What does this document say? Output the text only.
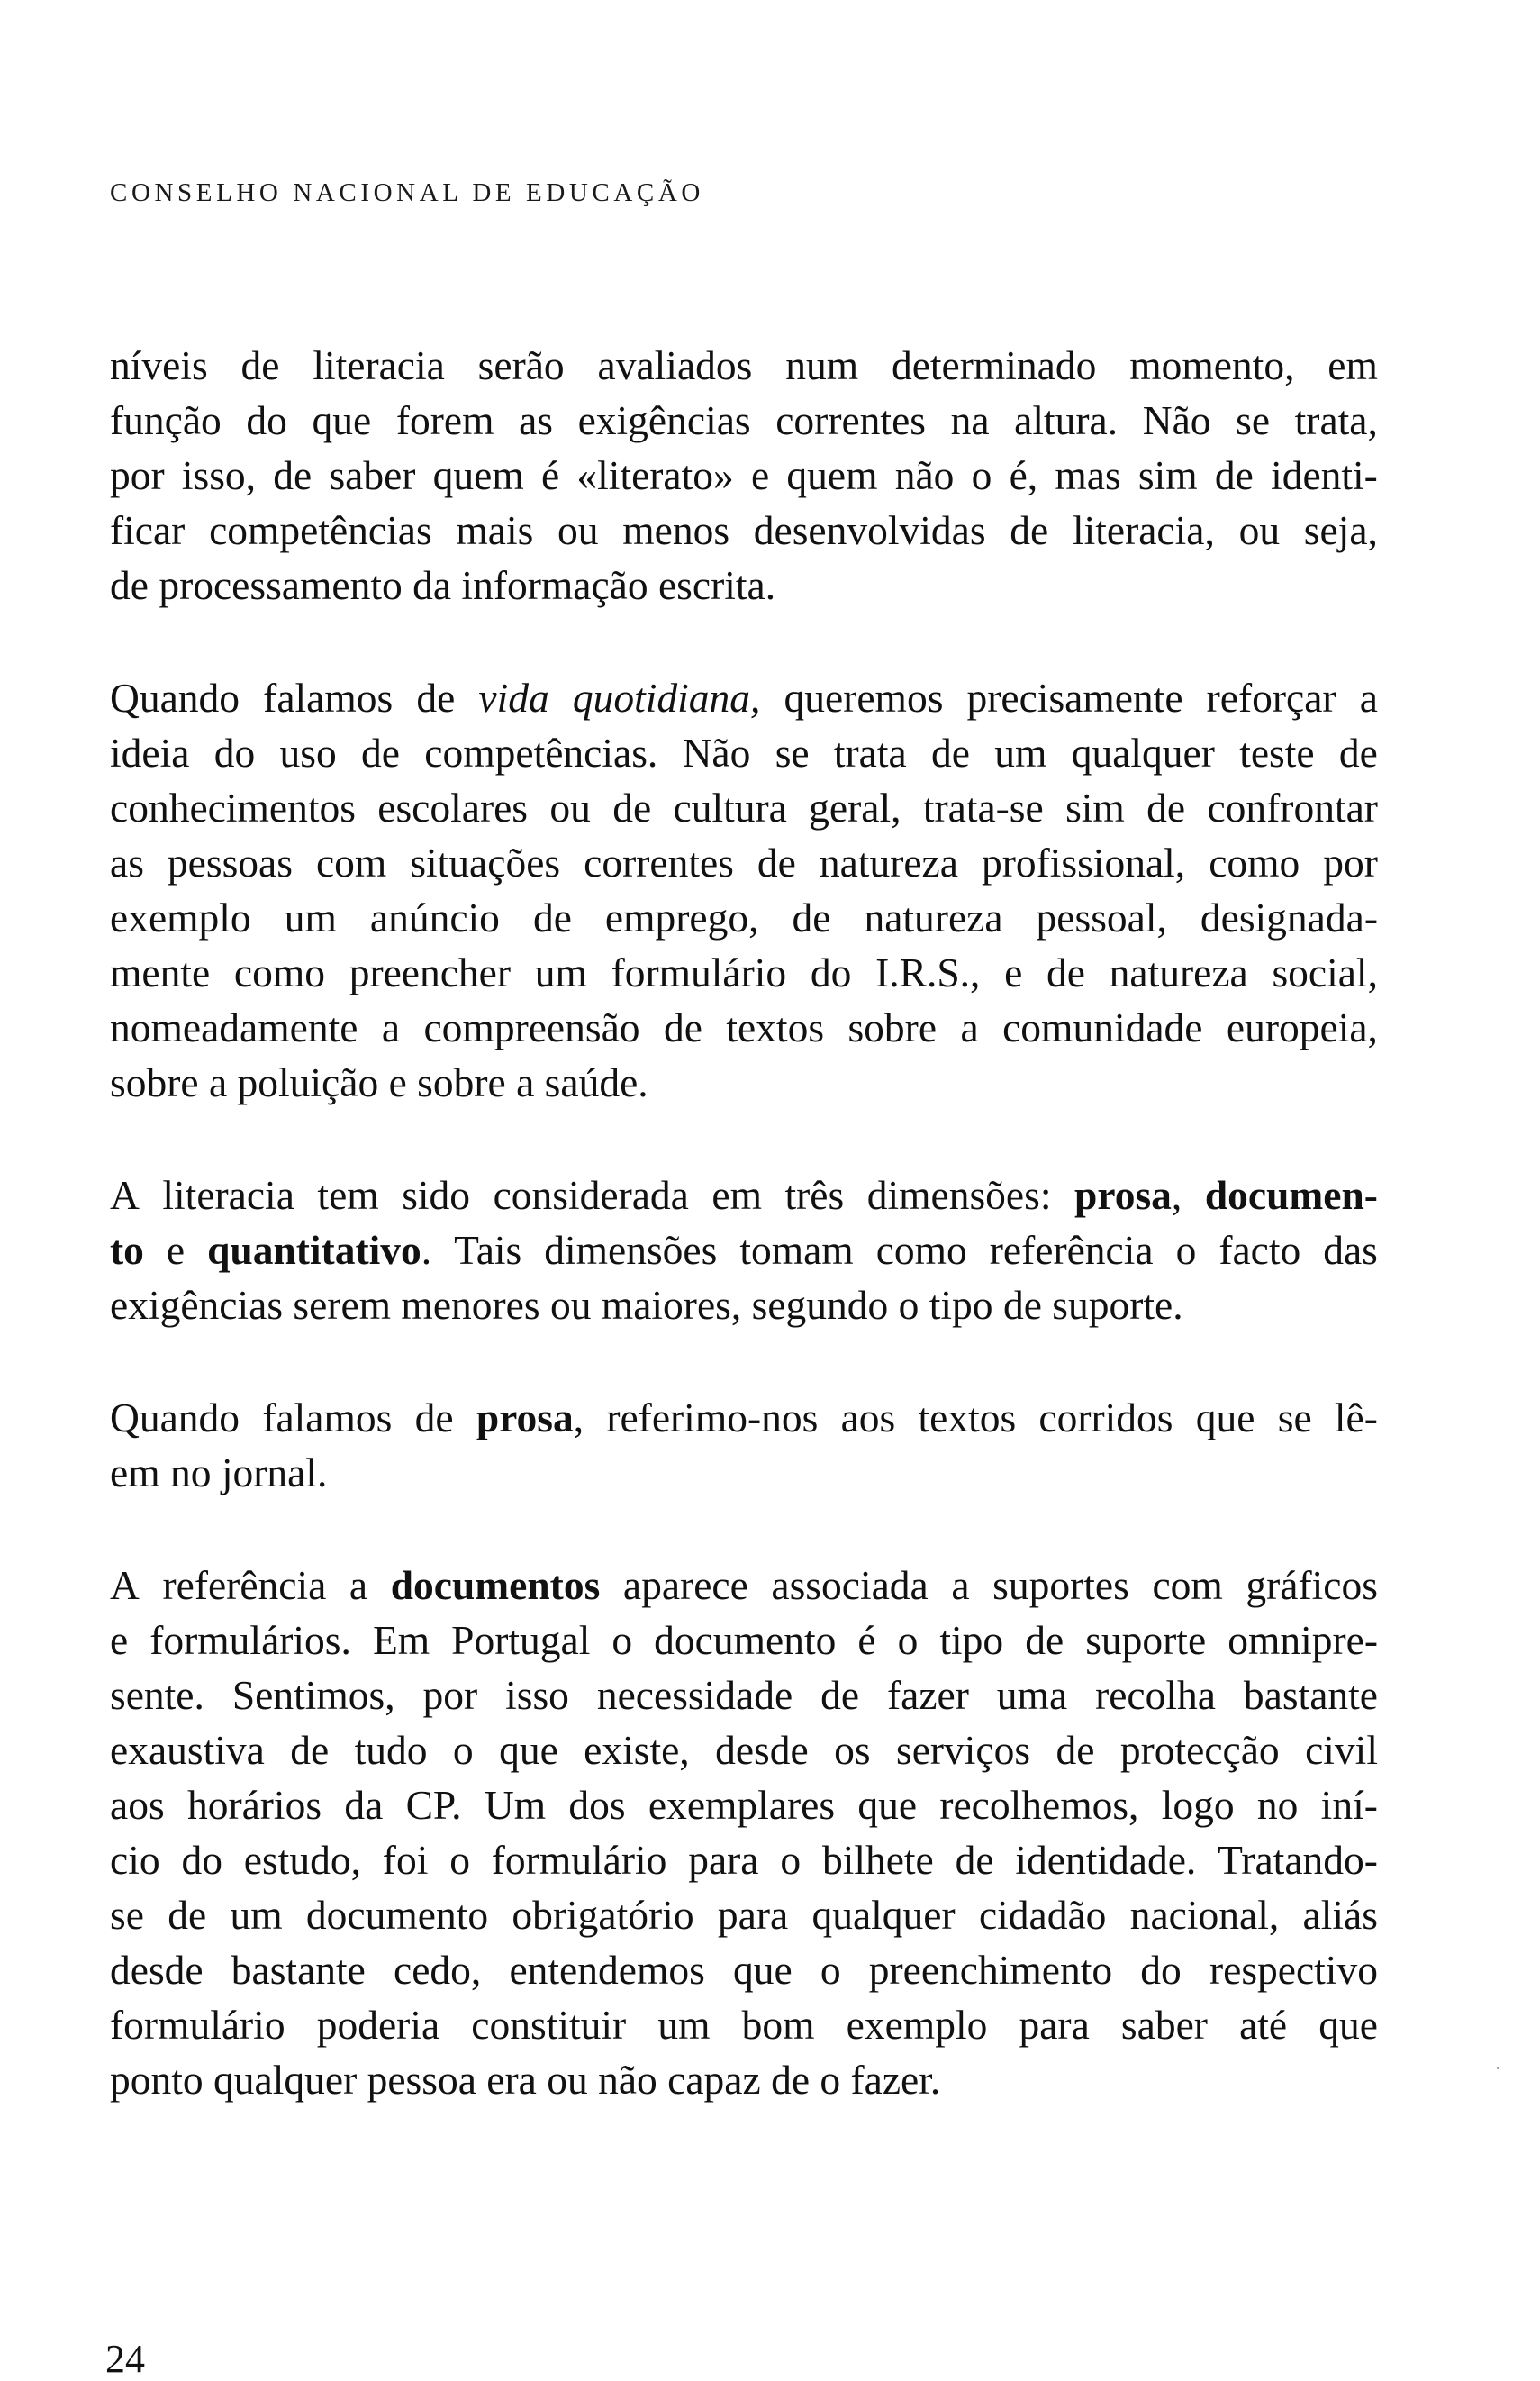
CONSELHO NACIONAL DE EDUCAÇÃO
níveis de literacia serão avaliados num determinado momento, em
função do que forem as exigências correntes na altura. Não se trata,
por isso, de saber quem é «literato» e quem não o é, mas sim de identi-
ficar competências mais ou menos desenvolvidas de literacia, ou seja,
de processamento da informação escrita.
Quando falamos de vida quotidiana, queremos precisamente reforçar a
ideia do uso de competências. Não se trata de um qualquer teste de
conhecimentos escolares ou de cultura geral, trata-se sim de confrontar
as pessoas com situações correntes de natureza profissional, como por
exemplo um anúncio de emprego, de natureza pessoal, designada-
mente como preencher um formulário do I.R.S., e de natureza social,
nomeadamente a compreensão de textos sobre a comunidade europeia,
sobre a poluição e sobre a saúde.
A literacia tem sido considerada em três dimensões: prosa, documen-
to e quantitativo. Tais dimensões tomam como referência o facto das
exigências serem menores ou maiores, segundo o tipo de suporte.
Quando falamos de prosa, referimo-nos aos textos corridos que se lê-
em no jornal.
A referência a documentos aparece associada a suportes com gráficos
e formulários. Em Portugal o documento é o tipo de suporte omnipre-
sente. Sentimos, por isso necessidade de fazer uma recolha bastante
exaustiva de tudo o que existe, desde os serviços de protecção civil
aos horários da CP. Um dos exemplares que recolhemos, logo no iní-
cio do estudo, foi o formulário para o bilhete de identidade. Tratando-
se de um documento obrigatório para qualquer cidadão nacional, aliás
desde bastante cedo, entendemos que o preenchimento do respectivo
formulário poderia constituir um bom exemplo para saber até que
ponto qualquer pessoa era ou não capaz de o fazer.
24
